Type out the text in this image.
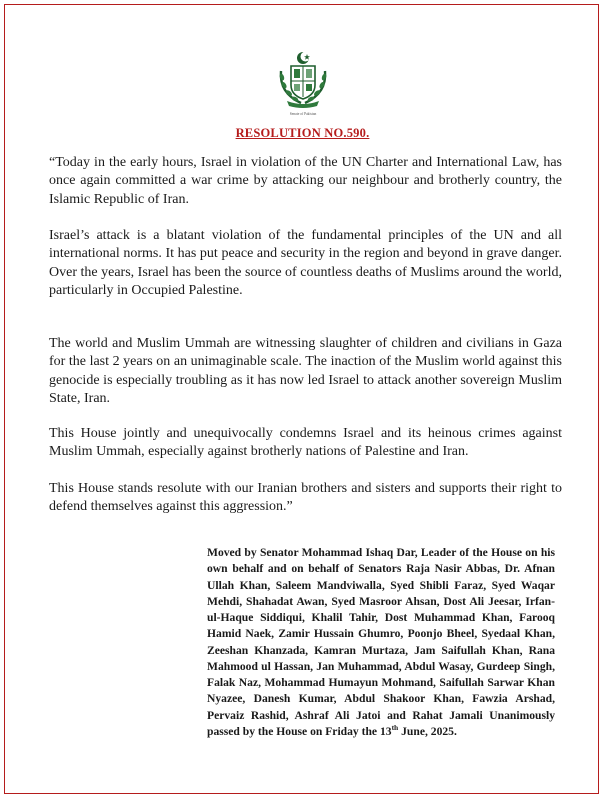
Senate of Pakistan
RESOLUTION NO.590.

“Today in the early hours, Israel in violation of the UN Charter and International Law, has once again committed a war crime by attacking our neighbour and brotherly country, the Islamic Republic of Iran.

Israel’s attack is a blatant violation of the fundamental principles of the UN and all international norms. It has put peace and security in the region and beyond in grave danger. Over the years, Israel has been the source of countless deaths of Muslims around the world, particularly in Occupied Palestine.

The world and Muslim Ummah are witnessing slaughter of children and civilians in Gaza for the last 2 years on an unimaginable scale. The inaction of the Muslim world against this genocide is especially troubling as it has now led Israel to attack another sovereign Muslim State, Iran.

This House jointly and unequivocally condemns Israel and its heinous crimes against Muslim Ummah, especially against brotherly nations of Palestine and Iran.

This House stands resolute with our Iranian brothers and sisters and supports their right to defend themselves against this aggression.”

Moved by Senator Mohammad Ishaq Dar, Leader of the House on his own behalf and on behalf of Senators Raja Nasir Abbas, Dr. Afnan Ullah Khan, Saleem Mandviwalla, Syed Shibli Faraz, Syed Waqar Mehdi, Shahadat Awan, Syed Masroor Ahsan, Dost Ali Jeesar, Irfan-ul-Haque Siddiqui, Khalil Tahir, Dost Muhammad Khan, Farooq Hamid Naek, Zamir Hussain Ghumro, Poonjo Bheel, Syedaal Khan, Zeeshan Khanzada, Kamran Murtaza, Jam Saifullah Khan, Rana Mahmood ul Hassan, Jan Muhammad, Abdul Wasay, Gurdeep Singh, Falak Naz, Mohammad Humayun Mohmand, Saifullah Sarwar Khan Nyazee, Danesh Kumar, Abdul Shakoor Khan, Fawzia Arshad, Pervaiz Rashid, Ashraf Ali Jatoi and Rahat Jamali Unanimously passed by the House on Friday the 13th June, 2025.
